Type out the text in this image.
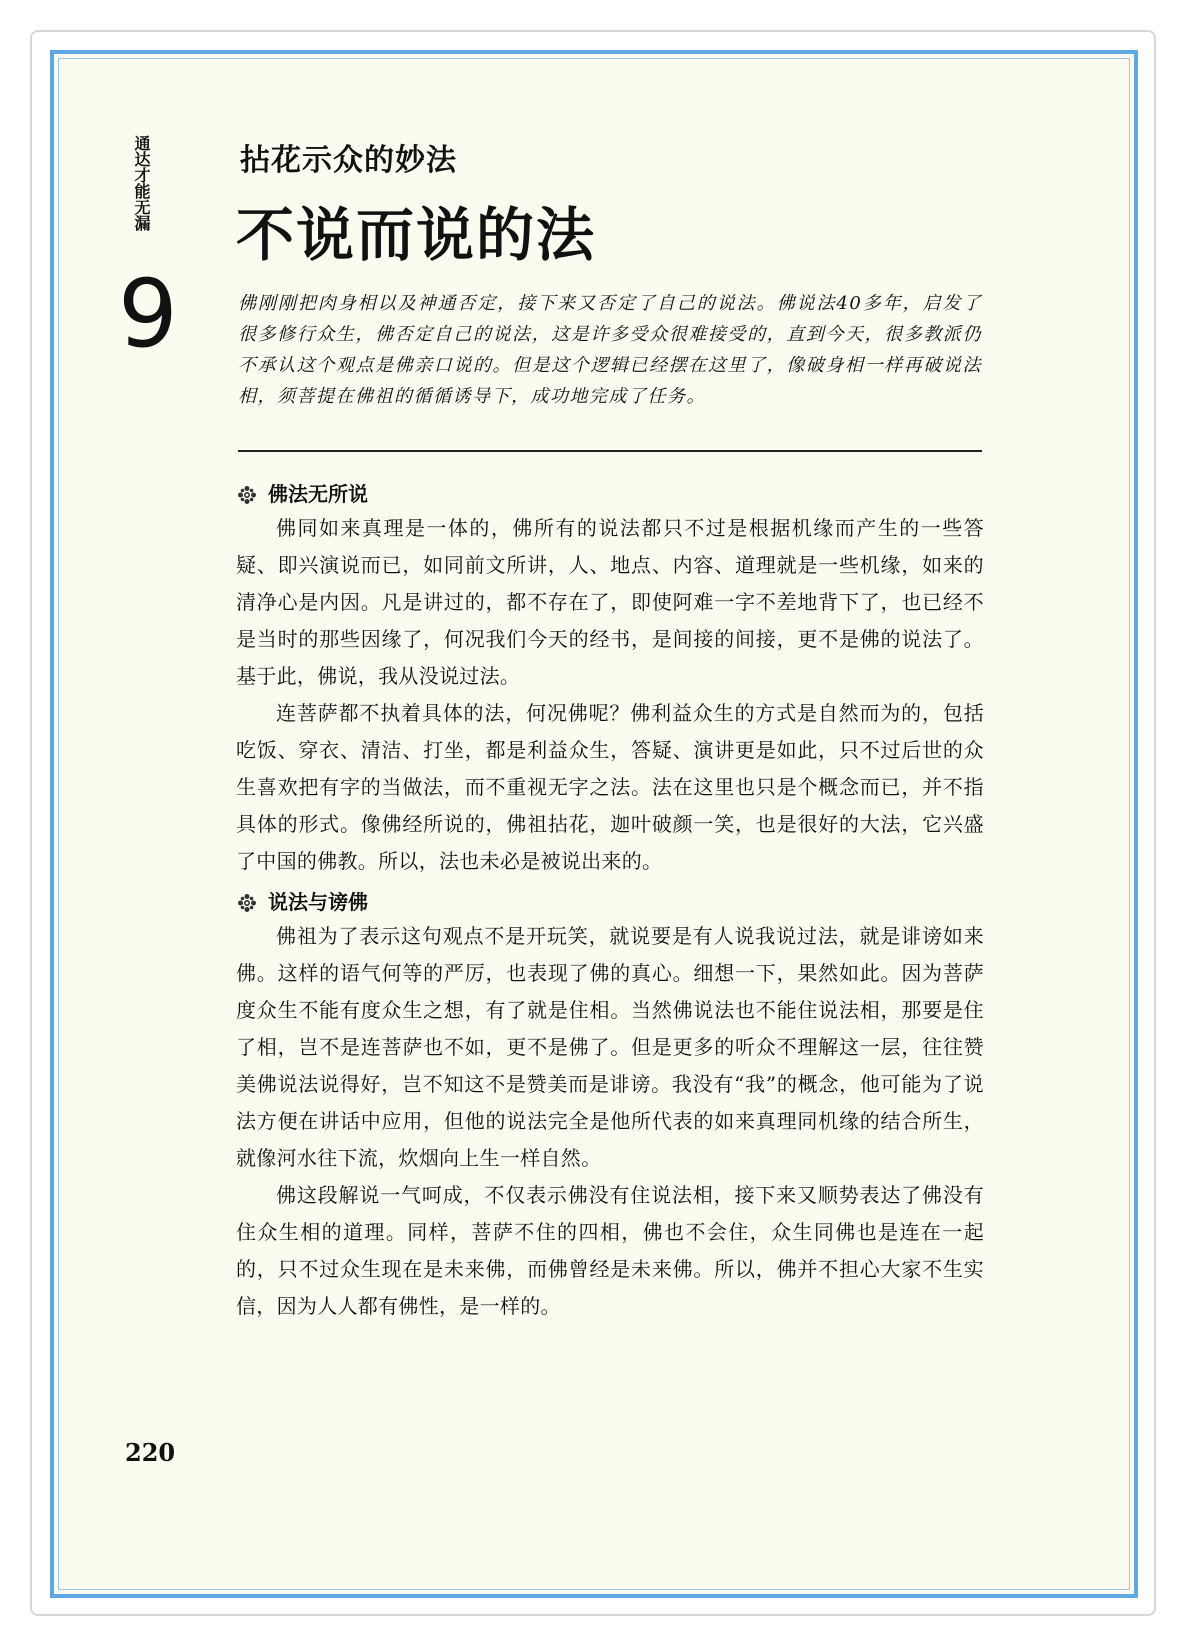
通达才能无漏
9
拈花示众的妙法
不说而说的法
佛刚刚把肉身相以及神通否定，接下来又否定了自己的说法。佛说法40多年，启发了很多修行众生，佛否定自己的说法，这是许多受众很难接受的，直到今天，很多教派仍不承认这个观点是佛亲口说的。但是这个逻辑已经摆在这里了，像破身相一样再破说法相，须菩提在佛祖的循循诱导下，成功地完成了任务。
佛法无所说

佛同如来真理是一体的，佛所有的说法都只不过是根据机缘而产生的一些答疑、即兴演说而已，如同前文所讲，人、地点、内容、道理就是一些机缘，如来的清净心是内因。凡是讲过的，都不存在了，即使阿难一字不差地背下了，也已经不是当时的那些因缘了，何况我们今天的经书，是间接的间接，更不是佛的说法了。基于此，佛说，我从没说过法。

连菩萨都不执着具体的法，何况佛呢？佛利益众生的方式是自然而为的，包括吃饭、穿衣、清洁、打坐，都是利益众生，答疑、演讲更是如此，只不过后世的众生喜欢把有字的当做法，而不重视无字之法。法在这里也只是个概念而已，并不指具体的形式。像佛经所说的，佛祖拈花，迦叶破颜一笑，也是很好的大法，它兴盛了中国的佛教。所以，法也未必是被说出来的。

说法与谤佛

佛祖为了表示这句观点不是开玩笑，就说要是有人说我说过法，就是诽谤如来佛。这样的语气何等的严厉，也表现了佛的真心。细想一下，果然如此。因为菩萨度众生不能有度众生之想，有了就是住相。当然佛说法也不能住说法相，那要是住了相，岂不是连菩萨也不如，更不是佛了。但是更多的听众不理解这一层，往往赞美佛说法说得好，岂不知这不是赞美而是诽谤。我没有“我”的概念，他可能为了说法方便在讲话中应用，但他的说法完全是他所代表的如来真理同机缘的结合所生，就像河水往下流，炊烟向上生一样自然。

佛这段解说一气呵成，不仅表示佛没有住说法相，接下来又顺势表达了佛没有住众生相的道理。同样，菩萨不住的四相，佛也不会住，众生同佛也是连在一起的，只不过众生现在是未来佛，而佛曾经是未来佛。所以，佛并不担心大家不生实信，因为人人都有佛性，是一样的。

220
